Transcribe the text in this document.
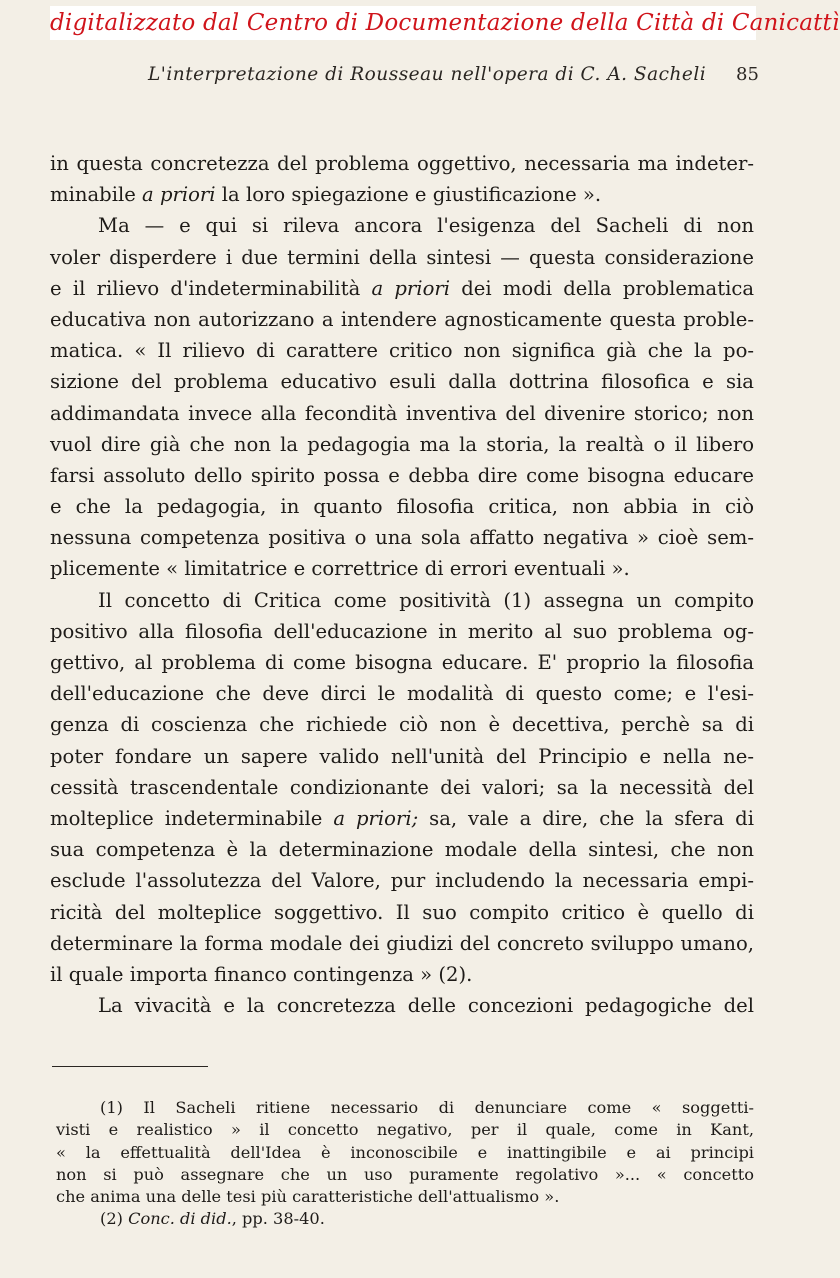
digitalizzato dal Centro di Documentazione della Città di Canicattì
L'interpretazione di Rousseau nell'opera di C. A. Sacheli 85
in questa concretezza del problema oggettivo, necessaria ma indeter-
minabile a priori la loro spiegazione e giustificazione ».
Ma — e qui si rileva ancora l'esigenza del Sacheli di non
voler disperdere i due termini della sintesi — questa considerazione
e il rilievo d'indeterminabilità a priori dei modi della problematica
educativa non autorizzano a intendere agnosticamente questa proble-
matica. « Il rilievo di carattere critico non significa già che la po-
sizione del problema educativo esuli dalla dottrina filosofica e sia
addimandata invece alla fecondità inventiva del divenire storico; non
vuol dire già che non la pedagogia ma la storia, la realtà o il libero
farsi assoluto dello spirito possa e debba dire come bisogna educare
e che la pedagogia, in quanto filosofia critica, non abbia in ciò
nessuna competenza positiva o una sola affatto negativa » cioè sem-
plicemente « limitatrice e correttrice di errori eventuali ».
Il concetto di Critica come positività (1) assegna un compito
positivo alla filosofia dell'educazione in merito al suo problema og-
gettivo, al problema di come bisogna educare. E' proprio la filosofia
dell'educazione che deve dirci le modalità di questo come; e l'esi-
genza di coscienza che richiede ciò non è decettiva, perchè sa di
poter fondare un sapere valido nell'unità del Principio e nella ne-
cessità trascendentale condizionante dei valori; sa la necessità del
molteplice indeterminabile a priori; sa, vale a dire, che la sfera di
sua competenza è la determinazione modale della sintesi, che non
esclude l'assolutezza del Valore, pur includendo la necessaria empi-
ricità del molteplice soggettivo. Il suo compito critico è quello di
determinare la forma modale dei giudizi del concreto sviluppo umano,
il quale importa financo contingenza » (2).
La vivacità e la concretezza delle concezioni pedagogiche del
(1) Il Sacheli ritiene necessario di denunciare come « soggetti-
visti e realistico » il concetto negativo, per il quale, come in Kant,
« la effettualità dell'Idea è inconoscibile e inattingibile e ai principi
non si può assegnare che un uso puramente regolativo »... « concetto
che anima una delle tesi più caratteristiche dell'attualismo ».
(2) Conc. di did., pp. 38-40.
